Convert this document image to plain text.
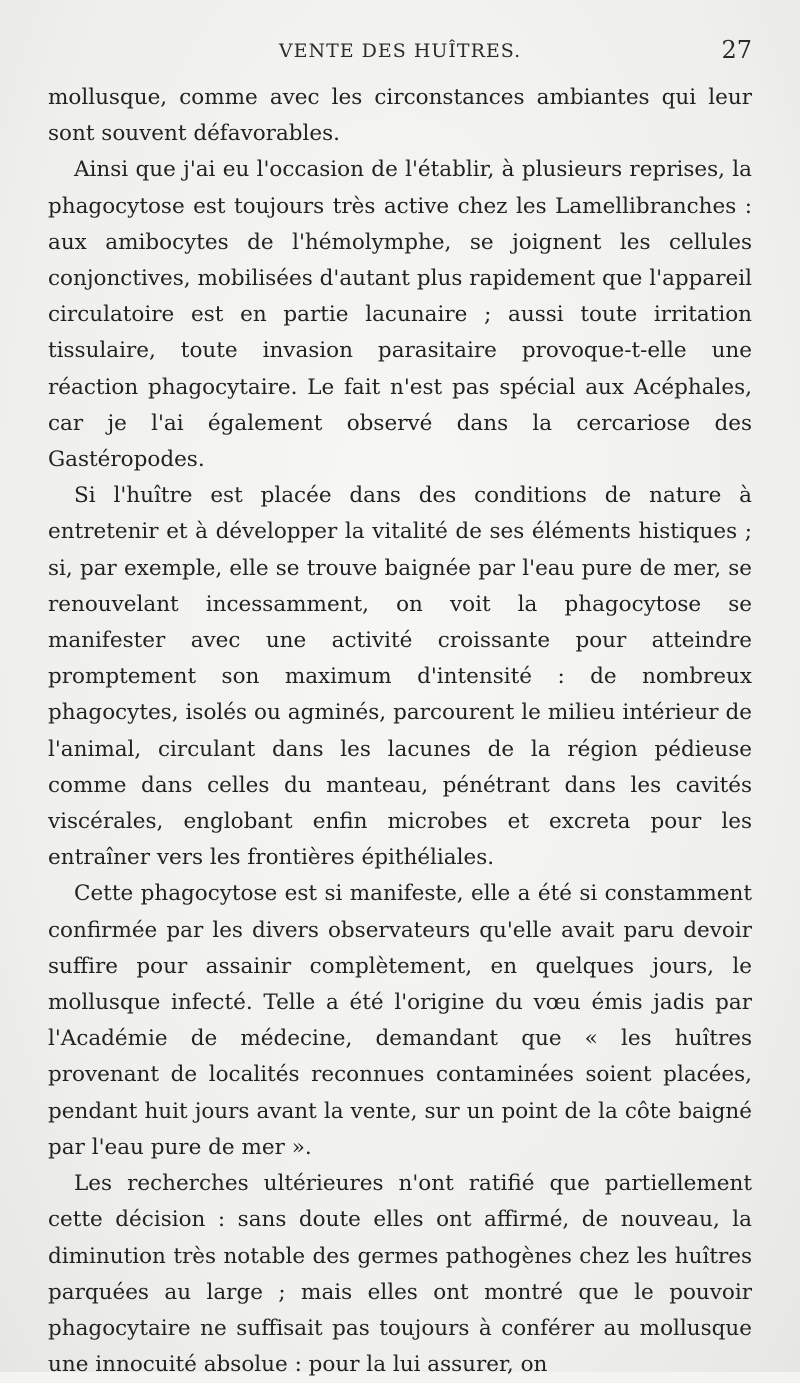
VENTE DES HUÎTRES.	27

mollusque, comme avec les circonstances ambiantes qui leur sont souvent défavorables.

Ainsi que j'ai eu l'occasion de l'établir, à plusieurs reprises, la phagocytose est toujours très active chez les Lamellibranches : aux amibocytes de l'hémolymphe, se joignent les cellules conjonctives, mobilisées d'autant plus rapidement que l'appareil circulatoire est en partie lacunaire ; aussi toute irritation tissulaire, toute invasion parasitaire provoque-t-elle une réaction phagocytaire. Le fait n'est pas spécial aux Acéphales, car je l'ai également observé dans la cercariose des Gastéropodes.

Si l'huître est placée dans des conditions de nature à entretenir et à développer la vitalité de ses éléments histiques ; si, par exemple, elle se trouve baignée par l'eau pure de mer, se renouvelant incessamment, on voit la phagocytose se manifester avec une activité croissante pour atteindre promptement son maximum d'intensité : de nombreux phagocytes, isolés ou agminés, parcourent le milieu intérieur de l'animal, circulant dans les lacunes de la région pédieuse comme dans celles du manteau, pénétrant dans les cavités viscérales, englobant enfin microbes et excreta pour les entraîner vers les frontières épithéliales.

Cette phagocytose est si manifeste, elle a été si constamment confirmée par les divers observateurs qu'elle avait paru devoir suffire pour assainir complètement, en quelques jours, le mollusque infecté. Telle a été l'origine du vœu émis jadis par l'Académie de médecine, demandant que « les huîtres provenant de localités reconnues contaminées soient placées, pendant huit jours avant la vente, sur un point de la côte baigné par l'eau pure de mer ».

Les recherches ultérieures n'ont ratifié que partiellement cette décision : sans doute elles ont affirmé, de nouveau, la diminution très notable des germes pathogènes chez les huîtres parquées au large ; mais elles ont montré que le pouvoir phagocytaire ne suffisait pas toujours à conférer au mollusque une innocuité absolue : pour la lui assurer, on
